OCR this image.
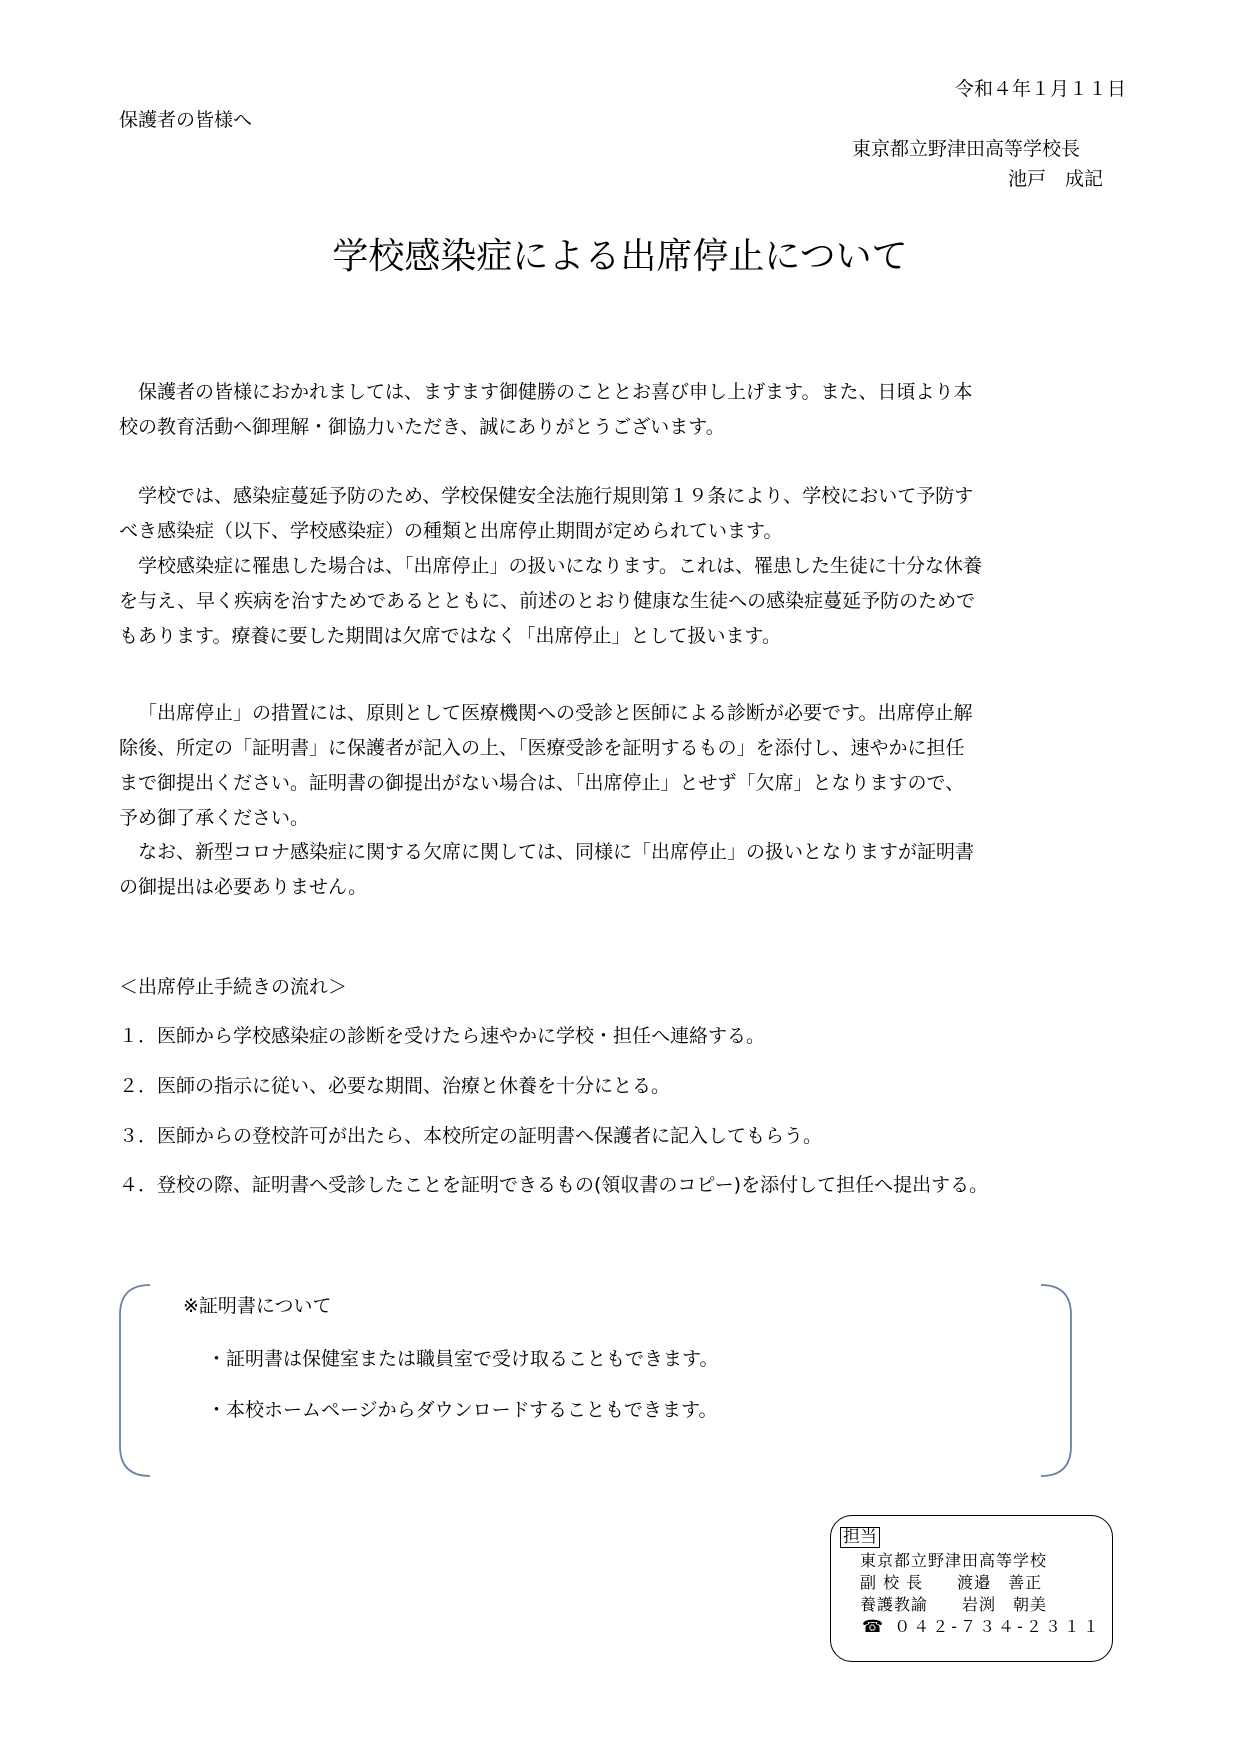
令和４年１月１１日
保護者の皆様へ
東京都立野津田高等学校長
池戸　成記
学校感染症による出席停止について
保護者の皆様におかれましては、ますます御健勝のこととお喜び申し上げます。また、日頃より本
校の教育活動へ御理解・御協力いただき、誠にありがとうございます。
学校では、感染症蔓延予防のため、学校保健安全法施行規則第１９条により、学校において予防す
べき感染症（以下、学校感染症）の種類と出席停止期間が定められています。
学校感染症に罹患した場合は、「出席停止」の扱いになります。これは、罹患した生徒に十分な休養
を与え、早く疾病を治すためであるとともに、前述のとおり健康な生徒への感染症蔓延予防のためで
もあります。療養に要した期間は欠席ではなく「出席停止」として扱います。
「出席停止」の措置には、原則として医療機関への受診と医師による診断が必要です。出席停止解
除後、所定の「証明書」に保護者が記入の上、「医療受診を証明するもの」を添付し、速やかに担任
まで御提出ください。証明書の御提出がない場合は、「出席停止」とせず「欠席」となりますので、
予め御了承ください。
なお、新型コロナ感染症に関する欠席に関しては、同様に「出席停止」の扱いとなりますが証明書
の御提出は必要ありません。
＜出席停止手続きの流れ＞
１．医師から学校感染症の診断を受けたら速やかに学校・担任へ連絡する。
２．医師の指示に従い、必要な期間、治療と休養を十分にとる。
３．医師からの登校許可が出たら、本校所定の証明書へ保護者に記入してもらう。
４．登校の際、証明書へ受診したことを証明できるもの(領収書のコピー)を添付して担任へ提出する。
※証明書について
・証明書は保健室または職員室で受け取ることもできます。
・本校ホームページからダウンロードすることもできます。
担当
東京都立野津田高等学校
副 校 長　　渡邉　善正
養護教諭　　岩渕　朝美
☎ ０４２-７３４-２３１１
